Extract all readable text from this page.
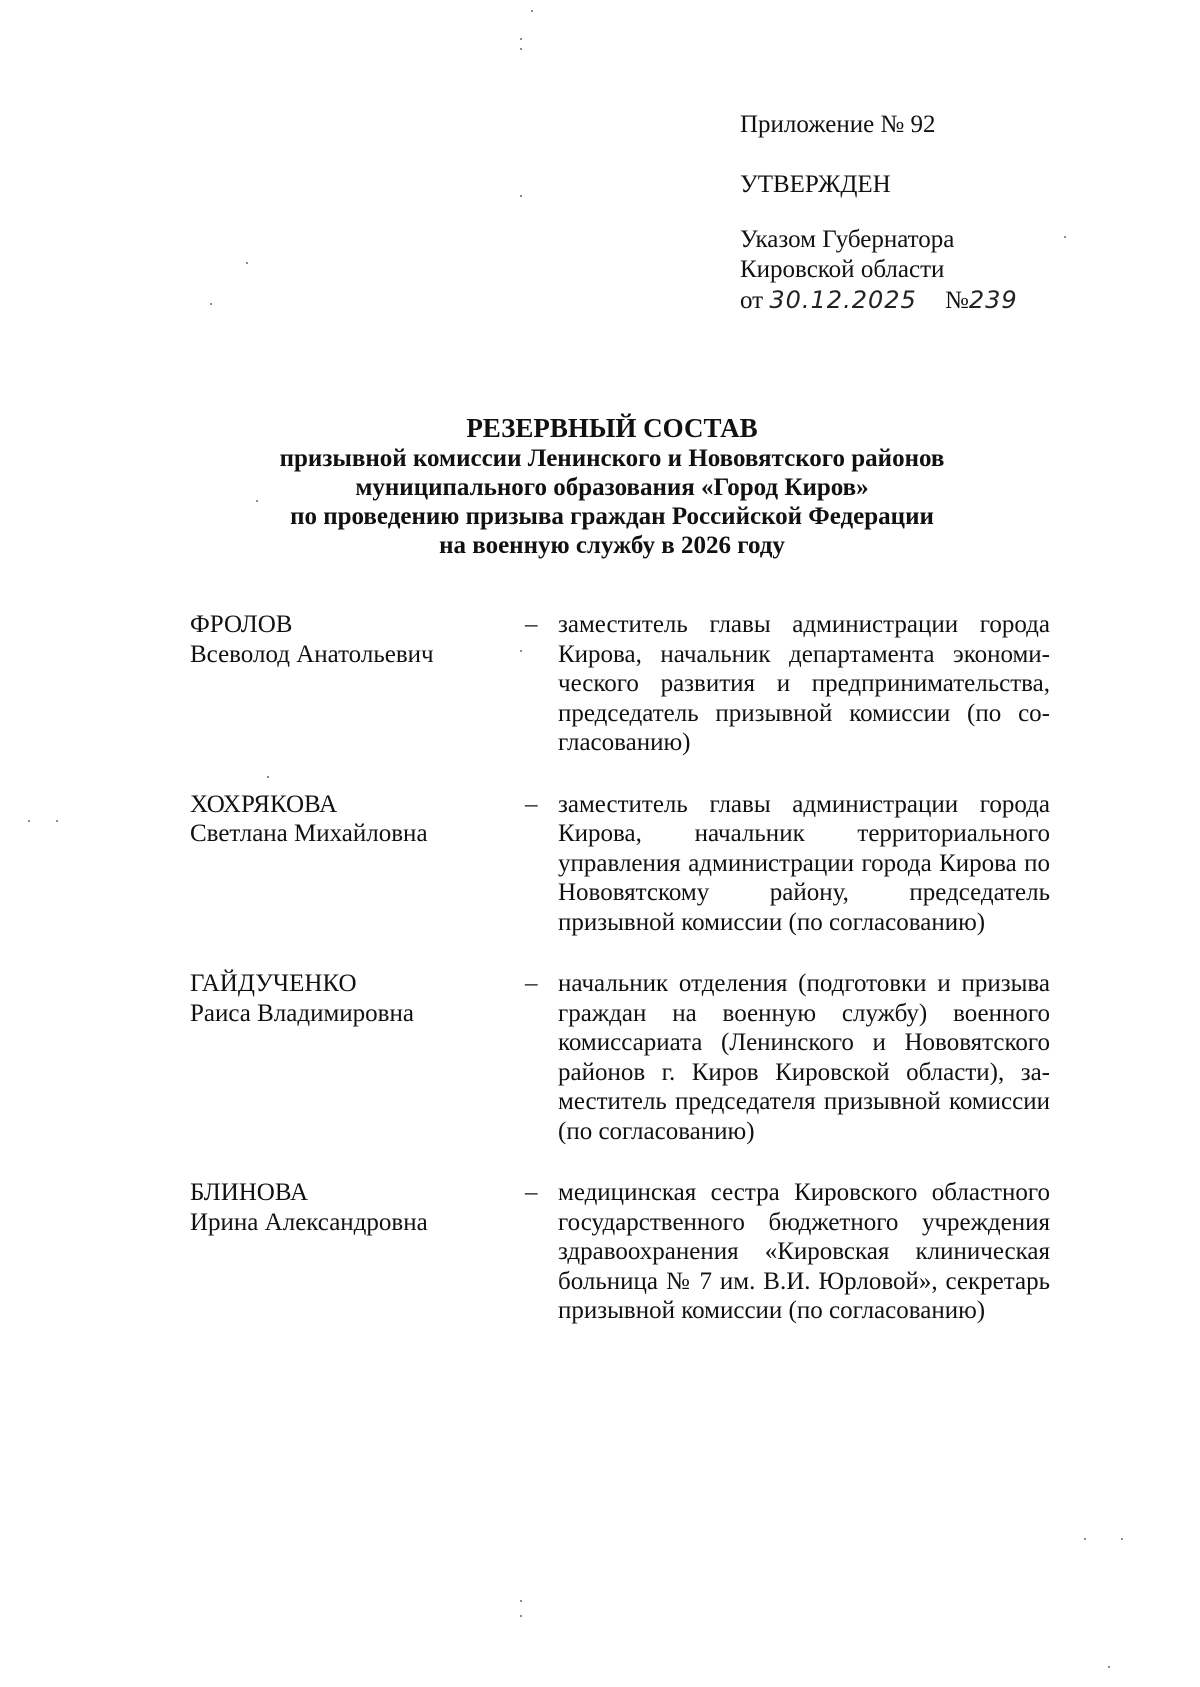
Приложение № 92
УТВЕРЖДЕН
Указом Губернатора
Кировской области
от 30.12.2025 №239
РЕЗЕРВНЫЙ СОСТАВ
призывной комиссии Ленинского и Нововятского районов
муниципального образования «Город Киров»
по проведению призыва граждан Российской Федерации
на военную службу в 2026 году
ФРОЛОВ
Всеволод Анатольевич
– заместитель главы администрации города Кирова, начальник департамента экономического развития и предпринимательства, председатель призывной комиссии (по согласованию)
ХОХРЯКОВА
Светлана Михайловна
– заместитель главы администрации города Кирова, начальник территориального управления администрации города Кирова по Нововятскому району, председатель призывной комиссии (по согласованию)
ГАЙДУЧЕНКО
Раиса Владимировна
– начальник отделения (подготовки и призыва граждан на военную службу) военного комиссариата (Ленинского и Нововятского районов г. Киров Кировской области), заместитель председателя призывной комиссии (по согласованию)
БЛИНОВА
Ирина Александровна
– медицинская сестра Кировского областного государственного бюджетного учреждения здравоохранения «Кировская клиническая больница № 7 им. В.И. Юрловой», секретарь призывной комиссии (по согласованию)
